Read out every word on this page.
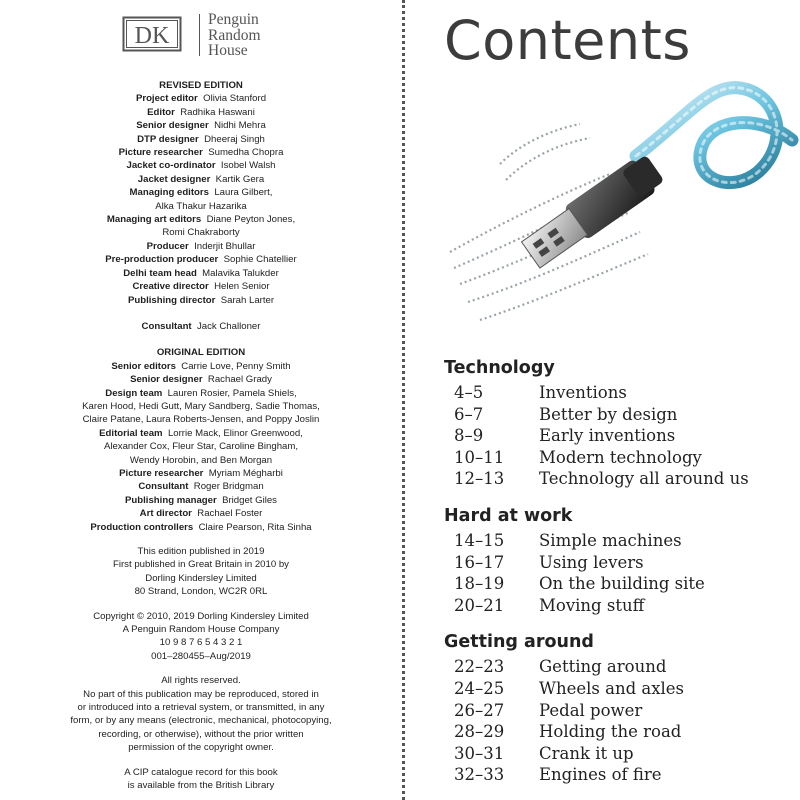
DK
Penguin
Random
House
REVISED EDITION
Project editor Olivia Stanford
Editor Radhika Haswani
Senior designer Nidhi Mehra
DTP designer Dheeraj Singh
Picture researcher Sumedha Chopra
Jacket co-ordinator Isobel Walsh
Jacket designer Kartik Gera
Managing editors Laura Gilbert,
Alka Thakur Hazarika
Managing art editors Diane Peyton Jones,
Romi Chakraborty
Producer Inderjit Bhullar
Pre-production producer Sophie Chatellier
Delhi team head Malavika Talukder
Creative director Helen Senior
Publishing director Sarah Larter
Consultant Jack Challoner
ORIGINAL EDITION
Senior editors Carrie Love, Penny Smith
Senior designer Rachael Grady
Design team Lauren Rosier, Pamela Shiels,
Karen Hood, Hedi Gutt, Mary Sandberg, Sadie Thomas,
Claire Patane, Laura Roberts-Jensen, and Poppy Joslin
Editorial team Lorrie Mack, Elinor Greenwood,
Alexander Cox, Fleur Star, Caroline Bingham,
Wendy Horobin, and Ben Morgan
Picture researcher Myriam Mégharbi
Consultant Roger Bridgman
Publishing manager Bridget Giles
Art director Rachael Foster
Production controllers Claire Pearson, Rita Sinha
This edition published in 2019
First published in Great Britain in 2010 by
Dorling Kindersley Limited
80 Strand, London, WC2R 0RL
Copyright © 2010, 2019 Dorling Kindersley Limited
A Penguin Random House Company
10 9 8 7 6 5 4 3 2 1
001–280455–Aug/2019
All rights reserved.
No part of this publication may be reproduced, stored in
or introduced into a retrieval system, or transmitted, in any
form, or by any means (electronic, mechanical, photocopying,
recording, or otherwise), without the prior written
permission of the copyright owner.
A CIP catalogue record for this book
is available from the British Library
Contents
Technology
4–5	Inventions
6–7	Better by design
8–9	Early inventions
10–11	Modern technology
12–13	Technology all around us
Hard at work
14–15	Simple machines
16–17	Using levers
18–19	On the building site
20–21	Moving stuff
Getting around
22–23	Getting around
24–25	Wheels and axles
26–27	Pedal power
28–29	Holding the road
30–31	Crank it up
32–33	Engines of fire
